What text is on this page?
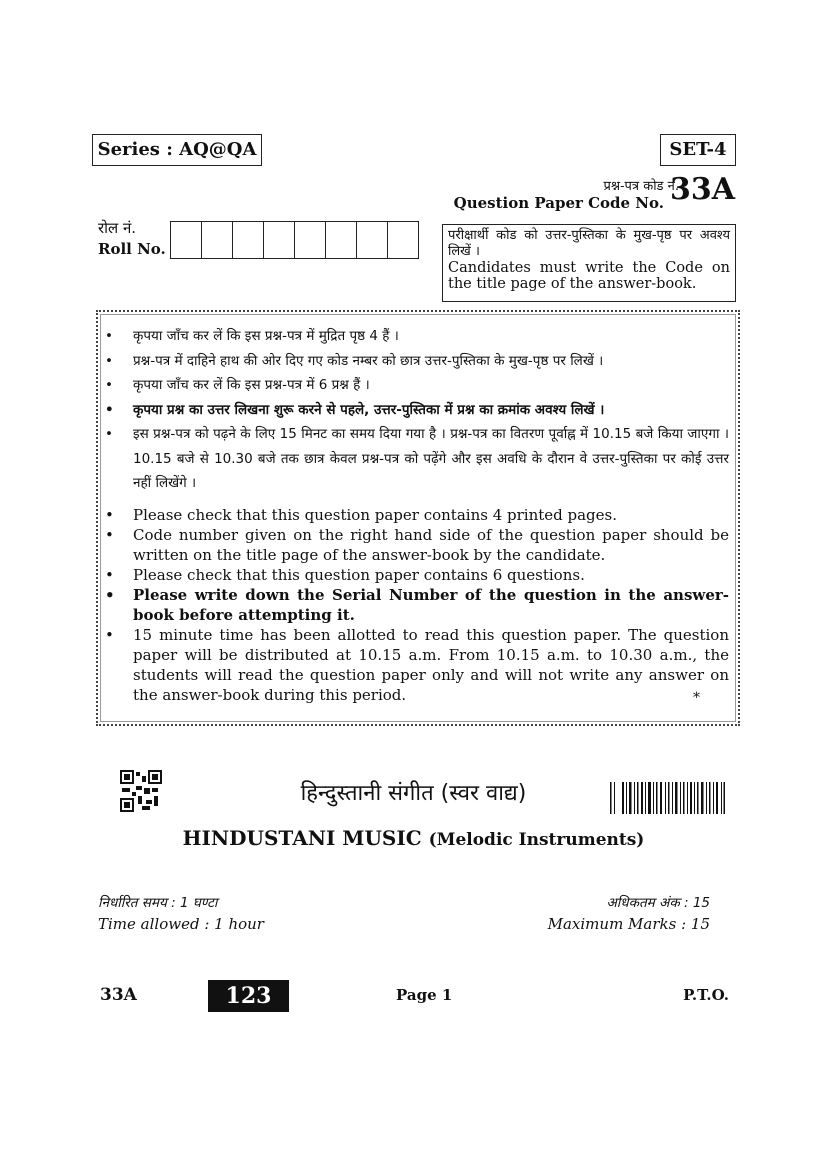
Series : AQ@QA	SET-4
प्रश्न-पत्र कोड नं.
33A
Question Paper Code No.
रोल नं.
Roll No.
परीक्षार्थी कोड को उत्तर-पुस्तिका के मुख-पृष्ठ पर अवश्य लिखें ।
Candidates must write the Code on the title page of the answer-book.
• कृपया जाँच कर लें कि इस प्रश्न-पत्र में मुद्रित पृष्ठ 4 हैं ।
• प्रश्न-पत्र में दाहिने हाथ की ओर दिए गए कोड नम्बर को छात्र उत्तर-पुस्तिका के मुख-पृष्ठ पर लिखें ।
• कृपया जाँच कर लें कि इस प्रश्न-पत्र में 6 प्रश्न हैं ।
• कृपया प्रश्न का उत्तर लिखना शुरू करने से पहले, उत्तर-पुस्तिका में प्रश्न का क्रमांक अवश्य लिखें ।
• इस प्रश्न-पत्र को पढ़ने के लिए 15 मिनट का समय दिया गया है । प्रश्न-पत्र का वितरण पूर्वाह्न में 10.15 बजे किया जाएगा । 10.15 बजे से 10.30 बजे तक छात्र केवल प्रश्न-पत्र को पढ़ेंगे और इस अवधि के दौरान वे उत्तर-पुस्तिका पर कोई उत्तर नहीं लिखेंगे ।
• Please check that this question paper contains 4 printed pages.
• Code number given on the right hand side of the question paper should be written on the title page of the answer-book by the candidate.
• Please check that this question paper contains 6 questions.
• Please write down the Serial Number of the question in the answer-book before attempting it.
• 15 minute time has been allotted to read this question paper. The question paper will be distributed at 10.15 a.m. From 10.15 a.m. to 10.30 a.m., the students will read the question paper only and will not write any answer on the answer-book during this period.	*
हिन्दुस्तानी संगीत (स्वर वाद्य)
HINDUSTANI MUSIC (Melodic Instruments)
निर्धारित समय : 1 घण्टा
Time allowed : 1 hour
अधिकतम अंक : 15
Maximum Marks : 15
33A	123	Page 1	P.T.O.
